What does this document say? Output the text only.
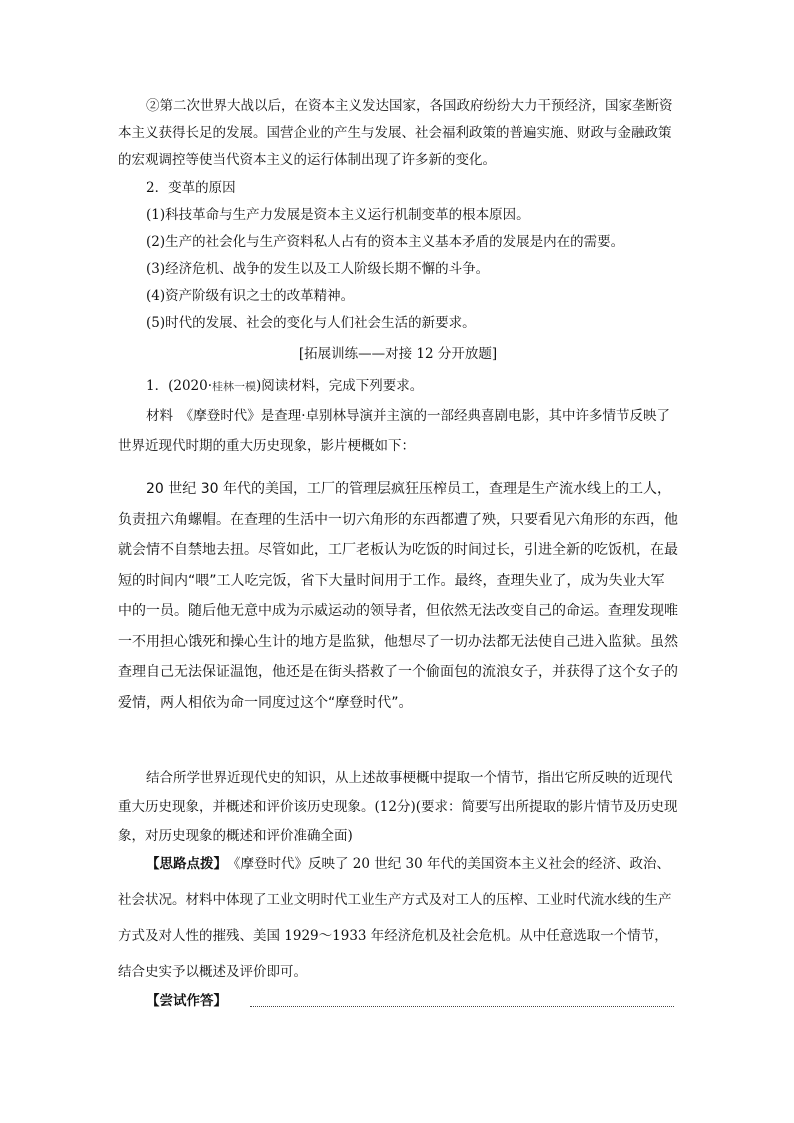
②第二次世界大战以后，在资本主义发达国家，各国政府纷纷大力干预经济，国家垄断资本主义获得长足的发展。国营企业的产生与发展、社会福利政策的普遍实施、财政与金融政策的宏观调控等使当代资本主义的运行体制出现了许多新的变化。

2．变革的原因

(1)科技革命与生产力发展是资本主义运行机制变革的根本原因。

(2)生产的社会化与生产资料私人占有的资本主义基本矛盾的发展是内在的需要。

(3)经济危机、战争的发生以及工人阶级长期不懈的斗争。

(4)资产阶级有识之士的改革精神。

(5)时代的发展、社会的变化与人们社会生活的新要求。

[拓展训练——对接 12 分开放题]

1．(2020·桂林一模)阅读材料，完成下列要求。

材料　《摩登时代》是查理·卓别林导演并主演的一部经典喜剧电影，其中许多情节反映了世界近现代时期的重大历史现象，影片梗概如下：

20 世纪 30 年代的美国，工厂的管理层疯狂压榨员工，查理是生产流水线上的工人，负责扭六角螺帽。在查理的生活中一切六角形的东西都遭了殃，只要看见六角形的东西，他就会情不自禁地去扭。尽管如此，工厂老板认为吃饭的时间过长，引进全新的吃饭机，在最短的时间内“喂”工人吃完饭，省下大量时间用于工作。最终，查理失业了，成为失业大军中的一员。随后他无意中成为示威运动的领导者，但依然无法改变自己的命运。查理发现唯一不用担心饿死和操心生计的地方是监狱，他想尽了一切办法都无法使自己进入监狱。虽然查理自己无法保证温饱，他还是在街头搭救了一个偷面包的流浪女子，并获得了这个女子的爱情，两人相依为命一同度过这个“摩登时代”。

结合所学世界近现代史的知识，从上述故事梗概中提取一个情节，指出它所反映的近现代重大历史现象，并概述和评价该历史现象。(12分)(要求：简要写出所提取的影片情节及历史现象，对历史现象的概述和评价准确全面)

【思路点拨】　《摩登时代》反映了 20 世纪 30 年代的美国资本主义社会的经济、政治、社会状况。材料中体现了工业文明时代工业生产方式及对工人的压榨、工业时代流水线的生产方式及对人性的摧残、美国 1929～1933 年经济危机及社会危机。从中任意选取一个情节，结合史实予以概述及评价即可。

【尝试作答】
